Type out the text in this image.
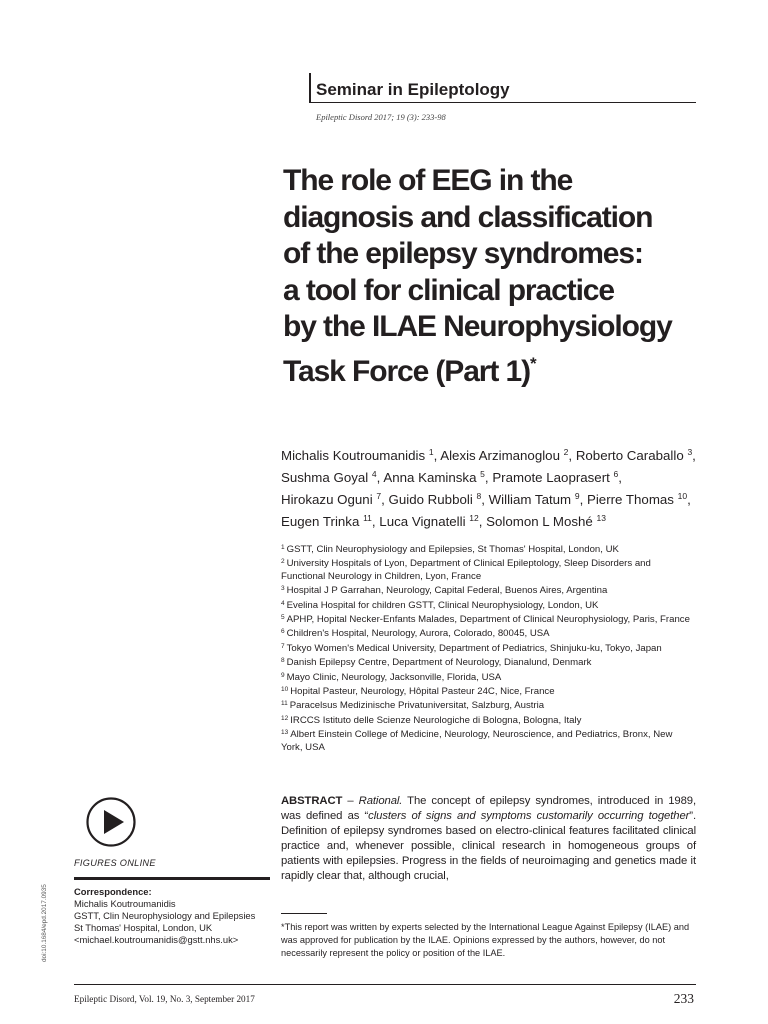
Seminar in Epileptology
Epileptic Disord 2017; 19 (3): 233-98
The role of EEG in the
diagnosis and classification
of the epilepsy syndromes:
a tool for clinical practice
by the ILAE Neurophysiology
Task Force (Part 1)*
Michalis Koutroumanidis $^1$, Alexis Arzimanoglou $^2$, Roberto Caraballo $^3$, Sushma Goyal $^4$, Anna Kaminska $^5$, Pramote Laoprasert $^6$, Hirokazu Oguni $^7$, Guido Rubboli $^8$, William Tatum $^9$, Pierre Thomas $^{10}$, Eugen Trinka $^{11}$, Luca Vignatelli $^{12}$, Solomon L Moshé $^{13}$
$^1$ GSTT, Clin Neurophysiology and Epilepsies, St Thomas' Hospital, London, UK
$^2$ University Hospitals of Lyon, Department of Clinical Epileptology, Sleep Disorders and Functional Neurology in Children, Lyon, France
$^3$ Hospital J P Garrahan, Neurology, Capital Federal, Buenos Aires, Argentina
$^4$ Evelina Hospital for children GSTT, Clinical Neurophysiology, London, UK
$^5$ APHP, Hopital Necker-Enfants Malades, Department of Clinical Neurophysiology, Paris, France
$^6$ Children's Hospital, Neurology, Aurora, Colorado, 80045, USA
$^7$ Tokyo Women's Medical University, Department of Pediatrics, Shinjuku-ku, Tokyo, Japan
$^8$ Danish Epilepsy Centre, Department of Neurology, Dianalund, Denmark
$^9$ Mayo Clinic, Neurology, Jacksonville, Florida, USA
$^{10}$ Hopital Pasteur, Neurology, Hôpital Pasteur 24C, Nice, France
$^{11}$ Paracelsus Medizinische Privatuniversitat, Salzburg, Austria
$^{12}$ IRCCS Istituto delle Scienze Neurologiche di Bologna, Bologna, Italy
$^{13}$ Albert Einstein College of Medicine, Neurology, Neuroscience, and Pediatrics, Bronx, New York, USA

ABSTRACT – Rational. The concept of epilepsy syndromes, introduced in 1989, was defined as “clusters of signs and symptoms customarily occurring together”. Definition of epilepsy syndromes based on electro-clinical features facilitated clinical practice and, whenever possible, clinical research in homogeneous groups of patients with epilepsies. Progress in the fields of neuroimaging and genetics made it rapidly clear that, although crucial,

*This report was written by experts selected by the International League Against Epilepsy (ILAE) and was approved for publication by the ILAE. Opinions expressed by the authors, however, do not necessarily represent the policy or position of the ILAE.

FIGURES ONLINE
Correspondence:
Michalis Koutroumanidis
GSTT, Clin Neurophysiology and Epilepsies
St Thomas' Hospital, London, UK
<michael.koutroumanidis@gstt.nhs.uk>
doi:10.1684/epd.2017.0935
Epileptic Disord, Vol. 19, No. 3, September 2017	233
